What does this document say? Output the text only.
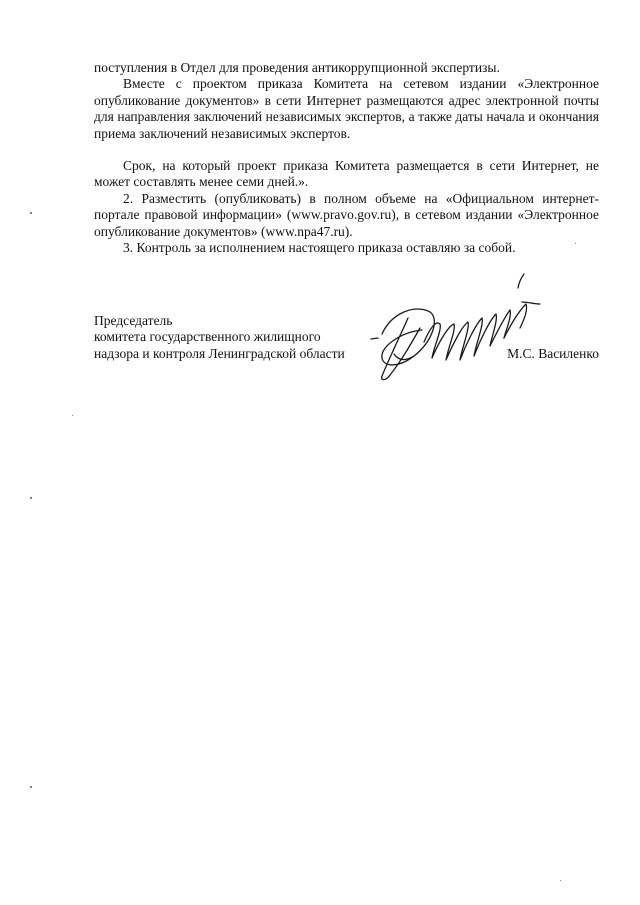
поступления в Отдел для проведения антикоррупционной экспертизы.

Вместе с проектом приказа Комитета на сетевом издании «Электронное опубликование документов» в сети Интернет размещаются адрес электронной почты для направления заключений независимых экспертов, а также даты начала и окончания приема заключений независимых экспертов.

Срок, на который проект приказа Комитета размещается в сети Интернет, не может составлять менее семи дней.».

2. Разместить (опубликовать) в полном объеме на «Официальном интернет-портале правовой информации» (www.pravo.gov.ru), в сетевом издании «Электронное опубликование документов» (www.npa47.ru).

3. Контроль за исполнением настоящего приказа оставляю за собой.

Председатель
комитета государственного жилищного
надзора и контроля Ленинградской области	М.С. Василенко
